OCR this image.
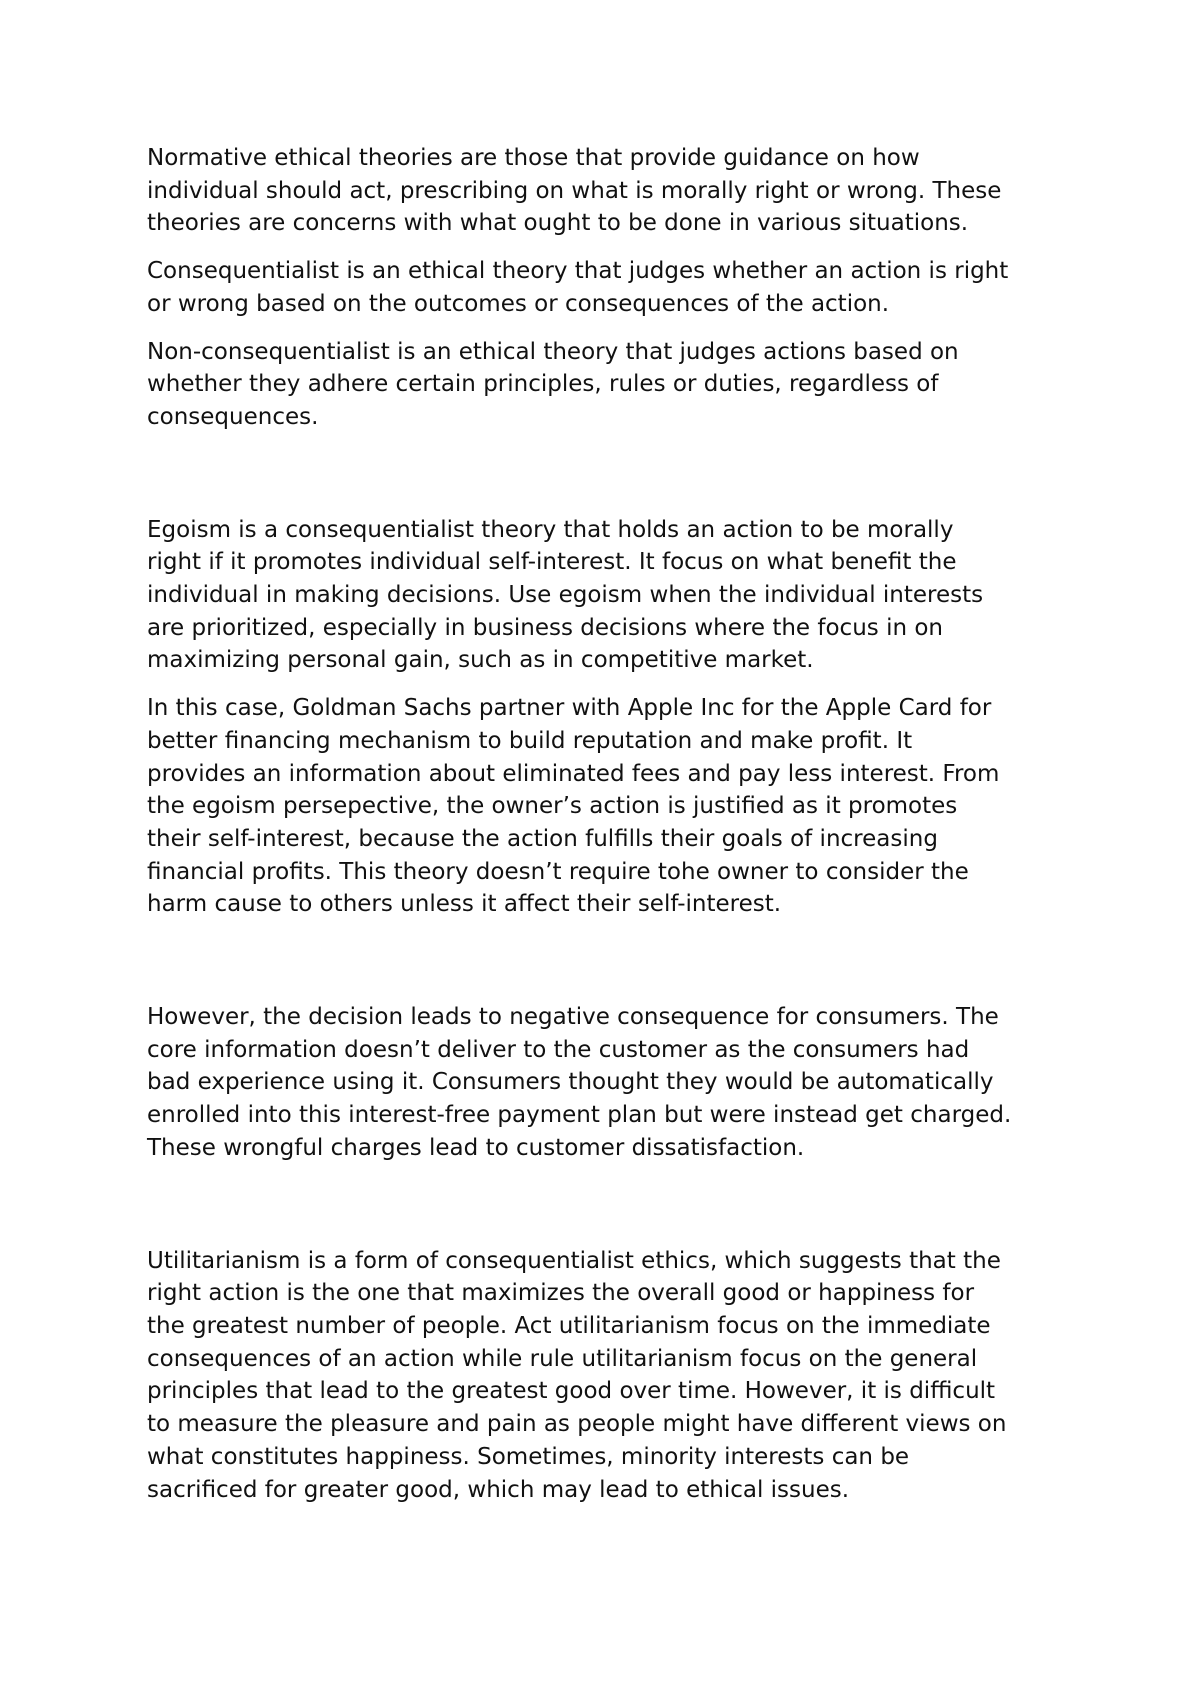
Normative ethical theories are those that provide guidance on how
individual should act, prescribing on what is morally right or wrong. These
theories are concerns with what ought to be done in various situations.

Consequentialist is an ethical theory that judges whether an action is right
or wrong based on the outcomes or consequences of the action.

Non-consequentialist is an ethical theory that judges actions based on
whether they adhere certain principles, rules or duties, regardless of
consequences.

Egoism is a consequentialist theory that holds an action to be morally
right if it promotes individual self-interest. It focus on what benefit the
individual in making decisions. Use egoism when the individual interests
are prioritized, especially in business decisions where the focus in on
maximizing personal gain, such as in competitive market.

In this case, Goldman Sachs partner with Apple Inc for the Apple Card for
better financing mechanism to build reputation and make profit. It
provides an information about eliminated fees and pay less interest. From
the egoism persepective, the owner’s action is justified as it promotes
their self-interest, because the action fulfills their goals of increasing
financial profits. This theory doesn’t require tohe owner to consider the
harm cause to others unless it affect their self-interest.

However, the decision leads to negative consequence for consumers. The
core information doesn’t deliver to the customer as the consumers had
bad experience using it. Consumers thought they would be automatically
enrolled into this interest-free payment plan but were instead get charged.
These wrongful charges lead to customer dissatisfaction.

Utilitarianism is a form of consequentialist ethics, which suggests that the
right action is the one that maximizes the overall good or happiness for
the greatest number of people. Act utilitarianism focus on the immediate
consequences of an action while rule utilitarianism focus on the general
principles that lead to the greatest good over time. However, it is difficult
to measure the pleasure and pain as people might have different views on
what constitutes happiness. Sometimes, minority interests can be
sacrificed for greater good, which may lead to ethical issues.
